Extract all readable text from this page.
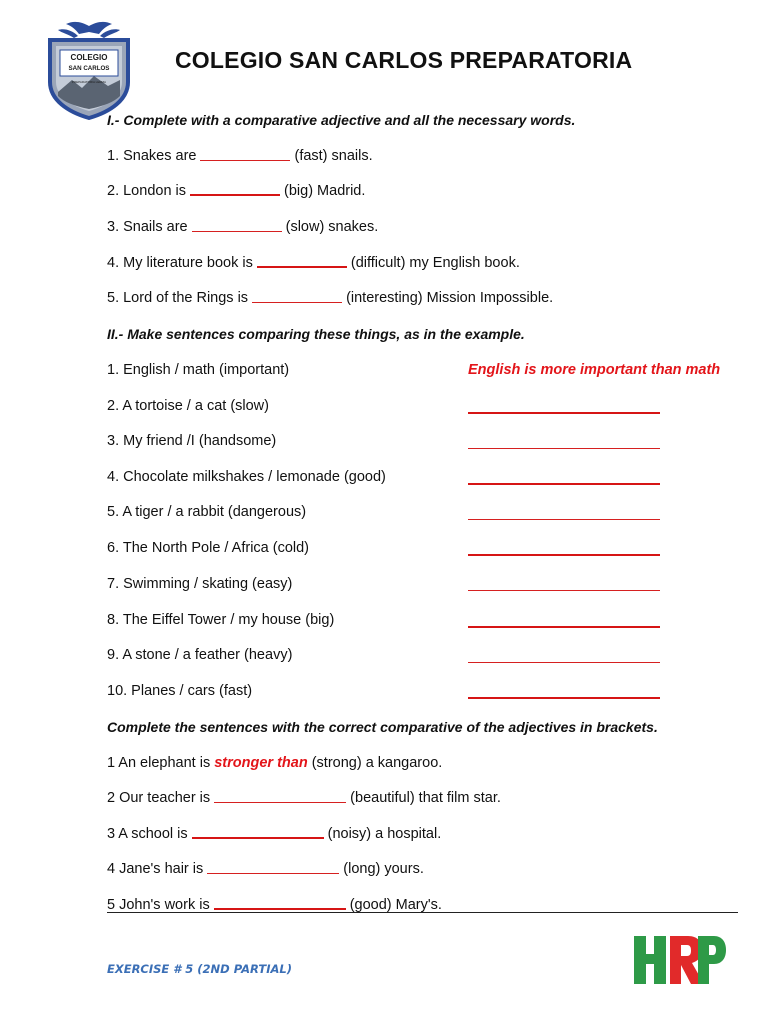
COLEGIO
SAN CARLOS
PREPARATORIA LERMA
COLEGIO SAN CARLOS PREPARATORIA
I.- Complete with a comparative adjective and all the necessary words.
1. Snakes are	(fast) snails.
2. London is	(big) Madrid.
3. Snails are	(slow) snakes.
4. My literature book is	(difficult) my English book.
5. Lord of the Rings is	(interesting) Mission Impossible.
II.- Make sentences comparing these things, as in the example.
1. English / math (important)	English is more important than math
2. A tortoise / a cat (slow)
3. My friend /I (handsome)
4. Chocolate milkshakes / lemonade (good)
5. A tiger / a rabbit (dangerous)
6. The North Pole / Africa (cold)
7. Swimming / skating (easy)
8. The Eiffel Tower / my house (big)
9. A stone / a feather (heavy)
10. Planes / cars (fast)
Complete the sentences with the correct comparative of the adjectives in brackets.
1 An elephant is stronger than (strong) a kangaroo.
2 Our teacher is	(beautiful) that film star.
3 A school is	(noisy) a hospital.
4 Jane's hair is	(long) yours.
5 John's work is	(good) Mary's.
EXERCISE # 5 (2ND PARTIAL)
